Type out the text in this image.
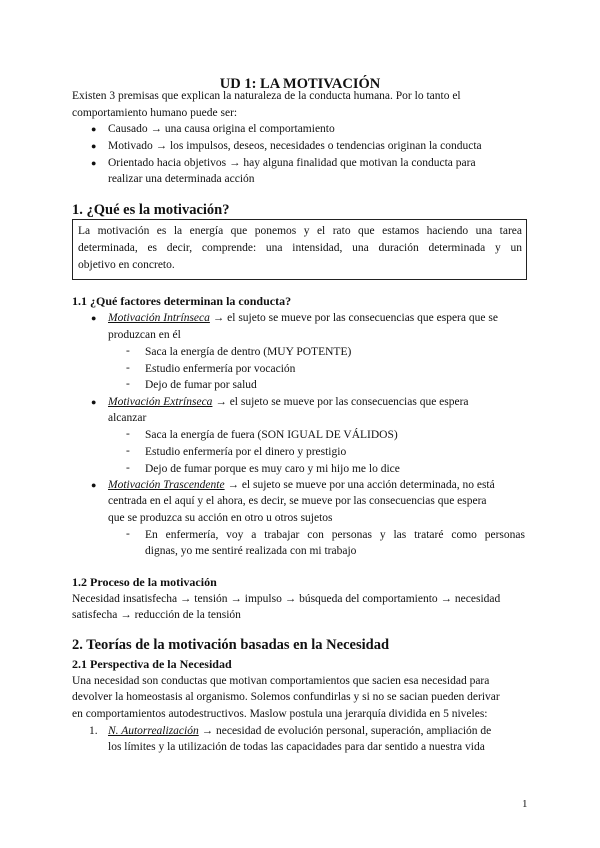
UD 1: LA MOTIVACIÓN
Existen 3 premisas que explican la naturaleza de la conducta humana. Por lo tanto el
comportamiento humano puede ser:
● Causado → una causa origina el comportamiento
● Motivado → los impulsos, deseos, necesidades o tendencias originan la conducta
● Orientado hacia objetivos → hay alguna finalidad que motivan la conducta para
realizar una determinada acción
1. ¿Qué es la motivación?
La motivación es la energía que ponemos y el rato que estamos haciendo una tarea
determinada, es decir, comprende: una intensidad, una duración determinada y un
objetivo en concreto.
1.1 ¿Qué factores determinan la conducta?
● Motivación Intrínseca → el sujeto se mueve por las consecuencias que espera que se
produzcan en él
- Saca la energía de dentro (MUY POTENTE)
- Estudio enfermería por vocación
- Dejo de fumar por salud
● Motivación Extrínseca → el sujeto se mueve por las consecuencias que espera
alcanzar
- Saca la energía de fuera (SON IGUAL DE VÁLIDOS)
- Estudio enfermería por el dinero y prestigio
- Dejo de fumar porque es muy caro y mi hijo me lo dice
● Motivación Trascendente → el sujeto se mueve por una acción determinada, no está
centrada en el aquí y el ahora, es decir, se mueve por las consecuencias que espera
que se produzca su acción en otro u otros sujetos
- En enfermería, voy a trabajar con personas y las trataré como personas
dignas, yo me sentiré realizada con mi trabajo
1.2 Proceso de la motivación
Necesidad insatisfecha → tensión → impulso → búsqueda del comportamiento → necesidad
satisfecha → reducción de la tensión
2. Teorías de la motivación basadas en la Necesidad
2.1 Perspectiva de la Necesidad
Una necesidad son conductas que motivan comportamientos que sacien esa necesidad para
devolver la homeostasis al organismo. Solemos confundirlas y si no se sacian pueden derivar
en comportamientos autodestructivos. Maslow postula una jerarquía dividida en 5 niveles:
1. N. Autorrealización → necesidad de evolución personal, superación, ampliación de
los límites y la utilización de todas las capacidades para dar sentido a nuestra vida
1
